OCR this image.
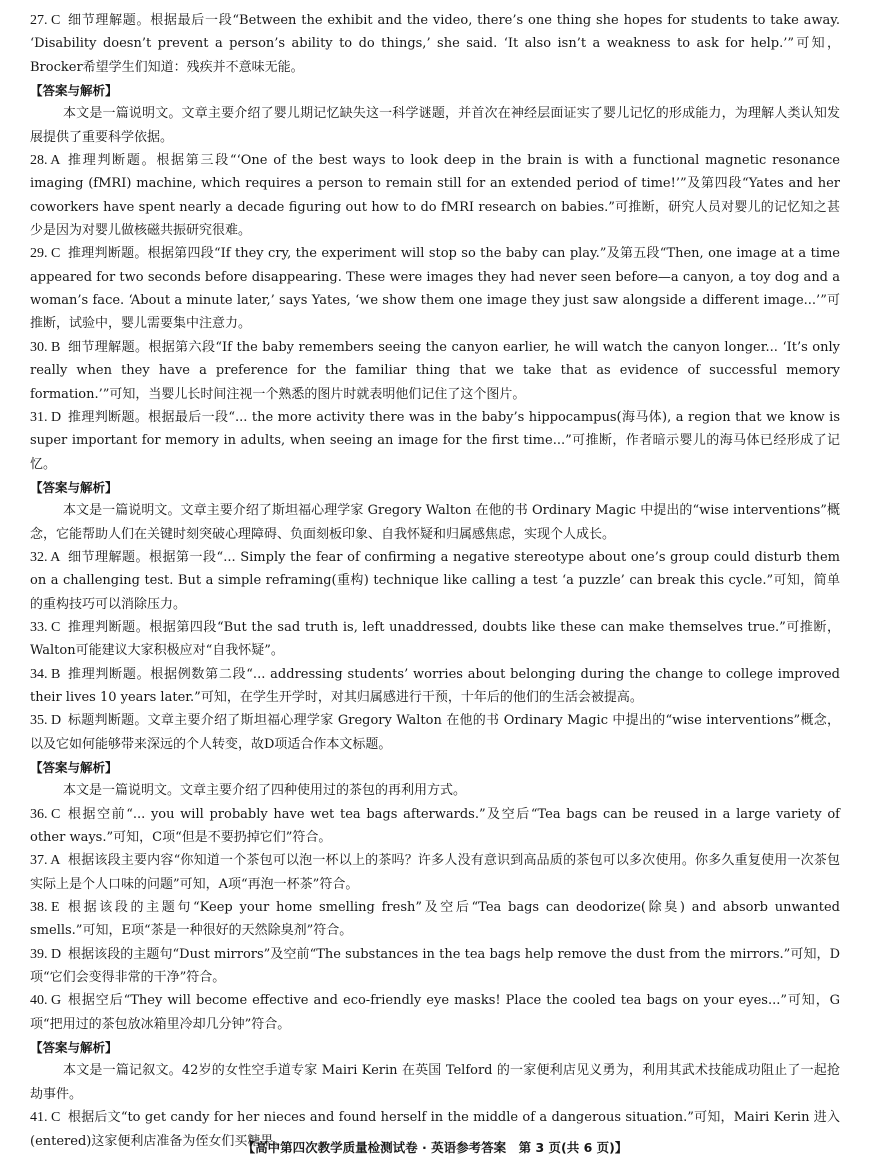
27. C 细节理解题。根据最后一段“Between the exhibit and the video, there’s one thing she hopes for students to take away. ‘Disability doesn’t prevent a person’s ability to do things,’ she said. ‘It also isn’t a weakness to ask for help.’”可知，Brocker希望学生们知道：残疾并不意味无能。
【答案与解析】
本文是一篇说明文。文章主要介绍了婴儿期记忆缺失这一科学谜题，并首次在神经层面证实了婴儿记忆的形成能力，为理解人类认知发展提供了重要科学依据。
28. A 推理判断题。根据第三段“‘One of the best ways to look deep in the brain is with a functional magnetic resonance imaging (fMRI) machine, which requires a person to remain still for an extended period of time!’”及第四段“Yates and her coworkers have spent nearly a decade figuring out how to do fMRI research on babies.”可推断，研究人员对婴儿的记忆知之甚少是因为对婴儿做核磁共振研究很难。
29. C 推理判断题。根据第四段“If they cry, the experiment will stop so the baby can play.”及第五段“Then, one image at a time appeared for two seconds before disappearing. These were images they had never seen before—a canyon, a toy dog and a woman’s face. ‘About a minute later,’ says Yates, ‘we show them one image they just saw alongside a different image...’”可推断，试验中，婴儿需要集中注意力。
30. B 细节理解题。根据第六段“If the baby remembers seeing the canyon earlier, he will watch the canyon longer... ‘It’s only really when they have a preference for the familiar thing that we take that as evidence of successful memory formation.’”可知，当婴儿长时间注视一个熟悉的图片时就表明他们记住了这个图片。
31. D 推理判断题。根据最后一段“... the more activity there was in the baby’s hippocampus(海马体), a region that we know is super important for memory in adults, when seeing an image for the first time...”可推断，作者暗示婴儿的海马体已经形成了记忆。
【答案与解析】
本文是一篇说明文。文章主要介绍了斯坦福心理学家 Gregory Walton 在他的书 Ordinary Magic 中提出的“wise interventions”概念，它能帮助人们在关键时刻突破心理障碍、负面刻板印象、自我怀疑和归属感焦虑，实现个人成长。
32. A 细节理解题。根据第一段“... Simply the fear of confirming a negative stereotype about one’s group could disturb them on a challenging test. But a simple reframing(重构) technique like calling a test ‘a puzzle’ can break this cycle.”可知，简单的重构技巧可以消除压力。
33. C 推理判断题。根据第四段“But the sad truth is, left unaddressed, doubts like these can make themselves true.”可推断，Walton可能建议大家积极应对“自我怀疑”。
34. B 推理判断题。根据例数第二段“... addressing students’ worries about belonging during the change to college improved their lives 10 years later.”可知，在学生开学时，对其归属感进行干预，十年后的他们的生活会被提高。
35. D 标题判断题。文章主要介绍了斯坦福心理学家 Gregory Walton 在他的书 Ordinary Magic 中提出的“wise interventions”概念，以及它如何能够带来深远的个人转变，故D项适合作本文标题。
【答案与解析】
本文是一篇说明文。文章主要介绍了四种使用过的茶包的再利用方式。
36. C 根据空前“... you will probably have wet tea bags afterwards.”及空后“Tea bags can be reused in a large variety of other ways.”可知，C项“但是不要扔掉它们”符合。
37. A 根据该段主要内容“你知道一个茶包可以泡一杯以上的茶吗？许多人没有意识到高品质的茶包可以多次使用。你多久重复使用一次茶包实际上是个人口味的问题”可知，A项“再泡一杯茶”符合。
38. E 根据该段的主题句“Keep your home smelling fresh”及空后“Tea bags can deodorize(除臭) and absorb unwanted smells.”可知，E项“茶是一种很好的天然除臭剂”符合。
39. D 根据该段的主题句“Dust mirrors”及空前“The substances in the tea bags help remove the dust from the mirrors.”可知，D项“它们会变得非常的干净”符合。
40. G 根据空后“They will become effective and eco-friendly eye masks! Place the cooled tea bags on your eyes...”可知，G项“把用过的茶包放冰箱里冷却几分钟”符合。
【答案与解析】
本文是一篇记叙文。42岁的女性空手道专家 Mairi Kerin 在英国 Telford 的一家便利店见义勇为，利用其武术技能成功阻止了一起抢劫事件。
41. C 根据后文“to get candy for her nieces and found herself in the middle of a dangerous situation.”可知，Mairi Kerin 进入(entered)这家便利店准备为侄女们买糖果。
【高中第四次教学质量检测试卷 · 英语参考答案　第 3 页(共 6 页)】
